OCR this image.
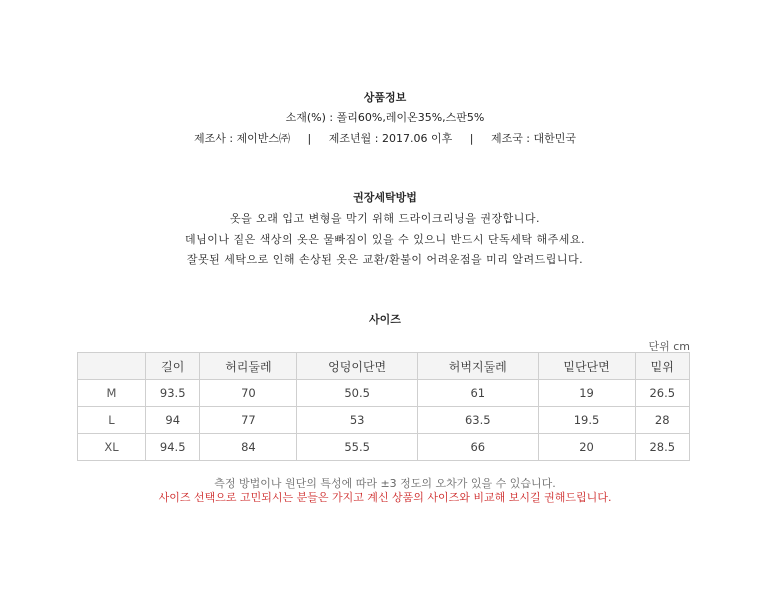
상품정보
소재(%) : 폴리60%,레이온35%,스판5%
제조사 : 제이반스㈜ | 제조년월 : 2017.06 이후 | 제조국 : 대한민국
권장세탁방법
옷을 오래 입고 변형을 막기 위해 드라이크리닝을 권장합니다.
데님이나 짙은 색상의 옷은 물빠짐이 있을 수 있으니 반드시 단독세탁 해주세요.
잘못된 세탁으로 인해 손상된 옷은 교환/환불이 어려운점을 미리 알려드립니다.
사이즈
단위 cm
	길이	허리둘레	엉덩이단면	허벅지둘레	밑단단면	밑위
M	93.5	70	50.5	61	19	26.5
L	94	77	53	63.5	19.5	28
XL	94.5	84	55.5	66	20	28.5
측정 방법이나 원단의 특성에 따라 ±3 정도의 오차가 있을 수 있습니다.
사이즈 선택으로 고민되시는 분들은 가지고 계신 상품의 사이즈와 비교해 보시길 권해드립니다.
